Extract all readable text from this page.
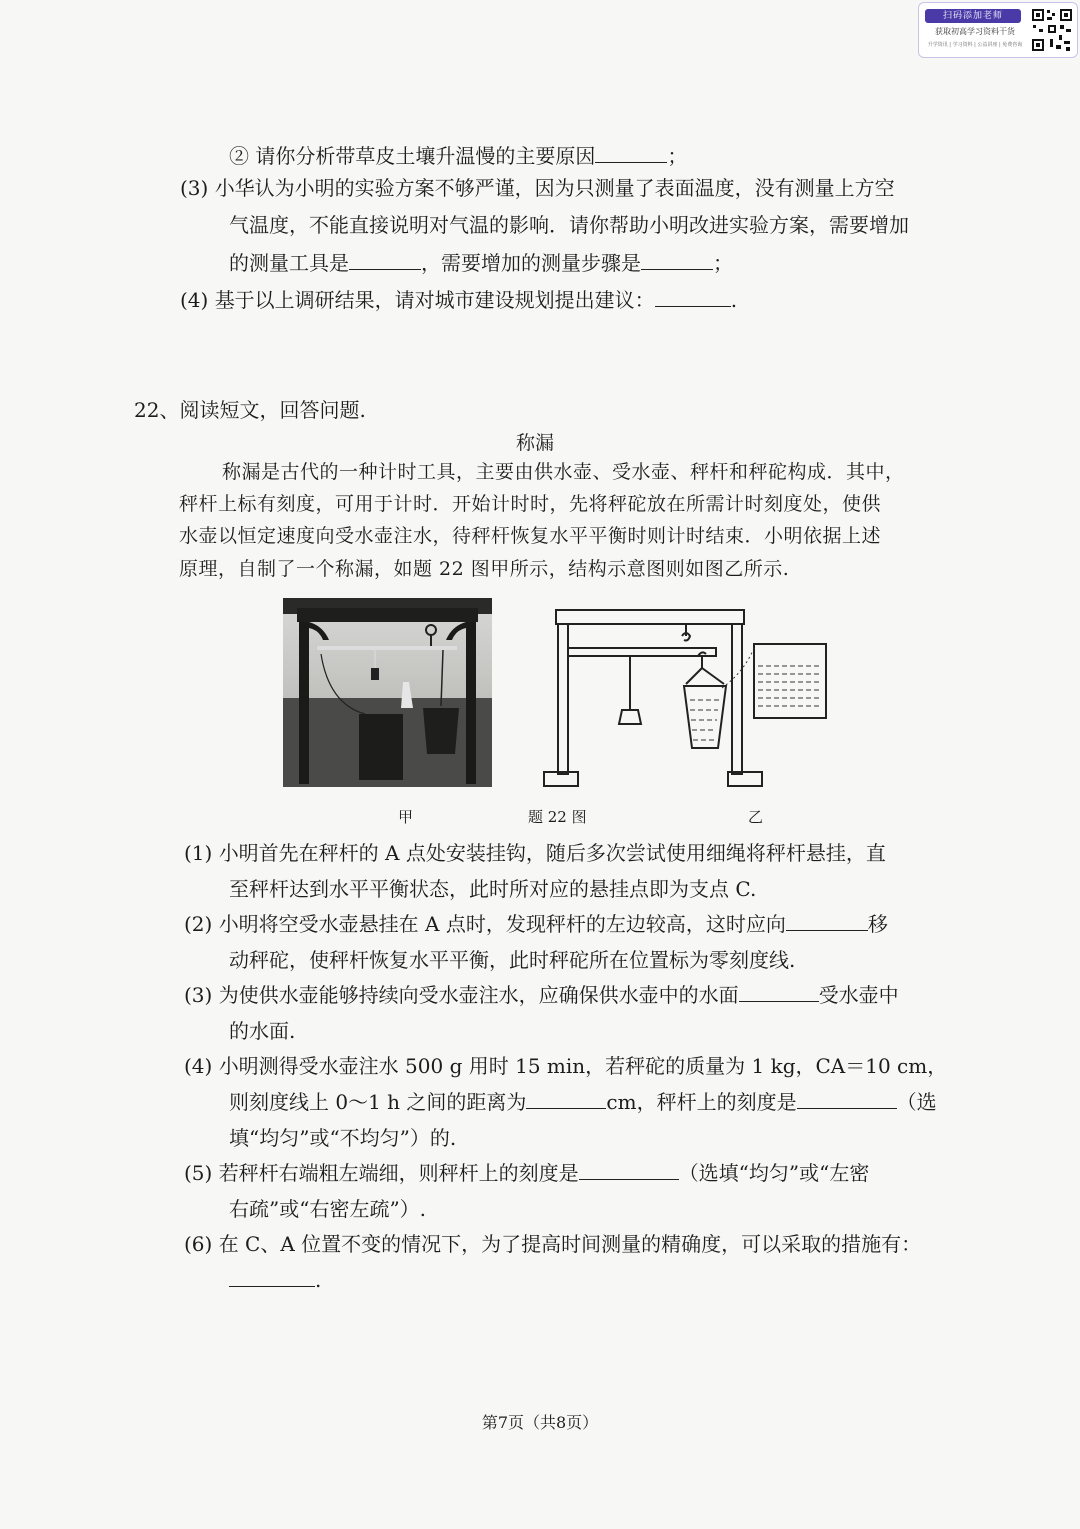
扫码添加老师
获取初高学习资料干货
升学资讯 | 学习资料 | 公益讲座 | 免费咨询
② 请你分析带草皮土壤升温慢的主要原因	；
(3) 小华认为小明的实验方案不够严谨，因为只测量了表面温度，没有测量上方空
气温度，不能直接说明对气温的影响．请你帮助小明改进实验方案，需要增加
的测量工具是	，需要增加的测量步骤是	；
(4) 基于以上调研结果，请对城市建设规划提出建议：	.
22、阅读短文，回答问题.
称漏
称漏是古代的一种计时工具，主要由供水壶、受水壶、秤杆和秤砣构成．其中，
秤杆上标有刻度，可用于计时．开始计时时，先将秤砣放在所需计时刻度处，使供
水壶以恒定速度向受水壶注水，待秤杆恢复水平平衡时则计时结束．小明依据上述
原理，自制了一个称漏，如题 22 图甲所示，结构示意图则如图乙所示.
甲	题 22 图	乙
(1) 小明首先在秤杆的 A 点处安装挂钩，随后多次尝试使用细绳将秤杆悬挂，直
至秤杆达到水平平衡状态，此时所对应的悬挂点即为支点 C.
(2) 小明将空受水壶悬挂在 A 点时，发现秤杆的左边较高，这时应向	移
动秤砣，使秤杆恢复水平平衡，此时秤砣所在位置标为零刻度线.
(3) 为使供水壶能够持续向受水壶注水，应确保供水壶中的水面	受水壶中
的水面.
(4) 小明测得受水壶注水 500 g 用时 15 min，若秤砣的质量为 1 kg，CA＝10 cm，
则刻度线上 0～1 h 之间的距离为	cm，秤杆上的刻度是	（选
填“均匀”或“不均匀”）的.
(5) 若秤杆右端粗左端细，则秤杆上的刻度是	（选填“均匀”或“左密
右疏”或“右密左疏”）.
(6) 在 C、A 位置不变的情况下，为了提高时间测量的精确度，可以采取的措施有：
.
第7页（共8页）
